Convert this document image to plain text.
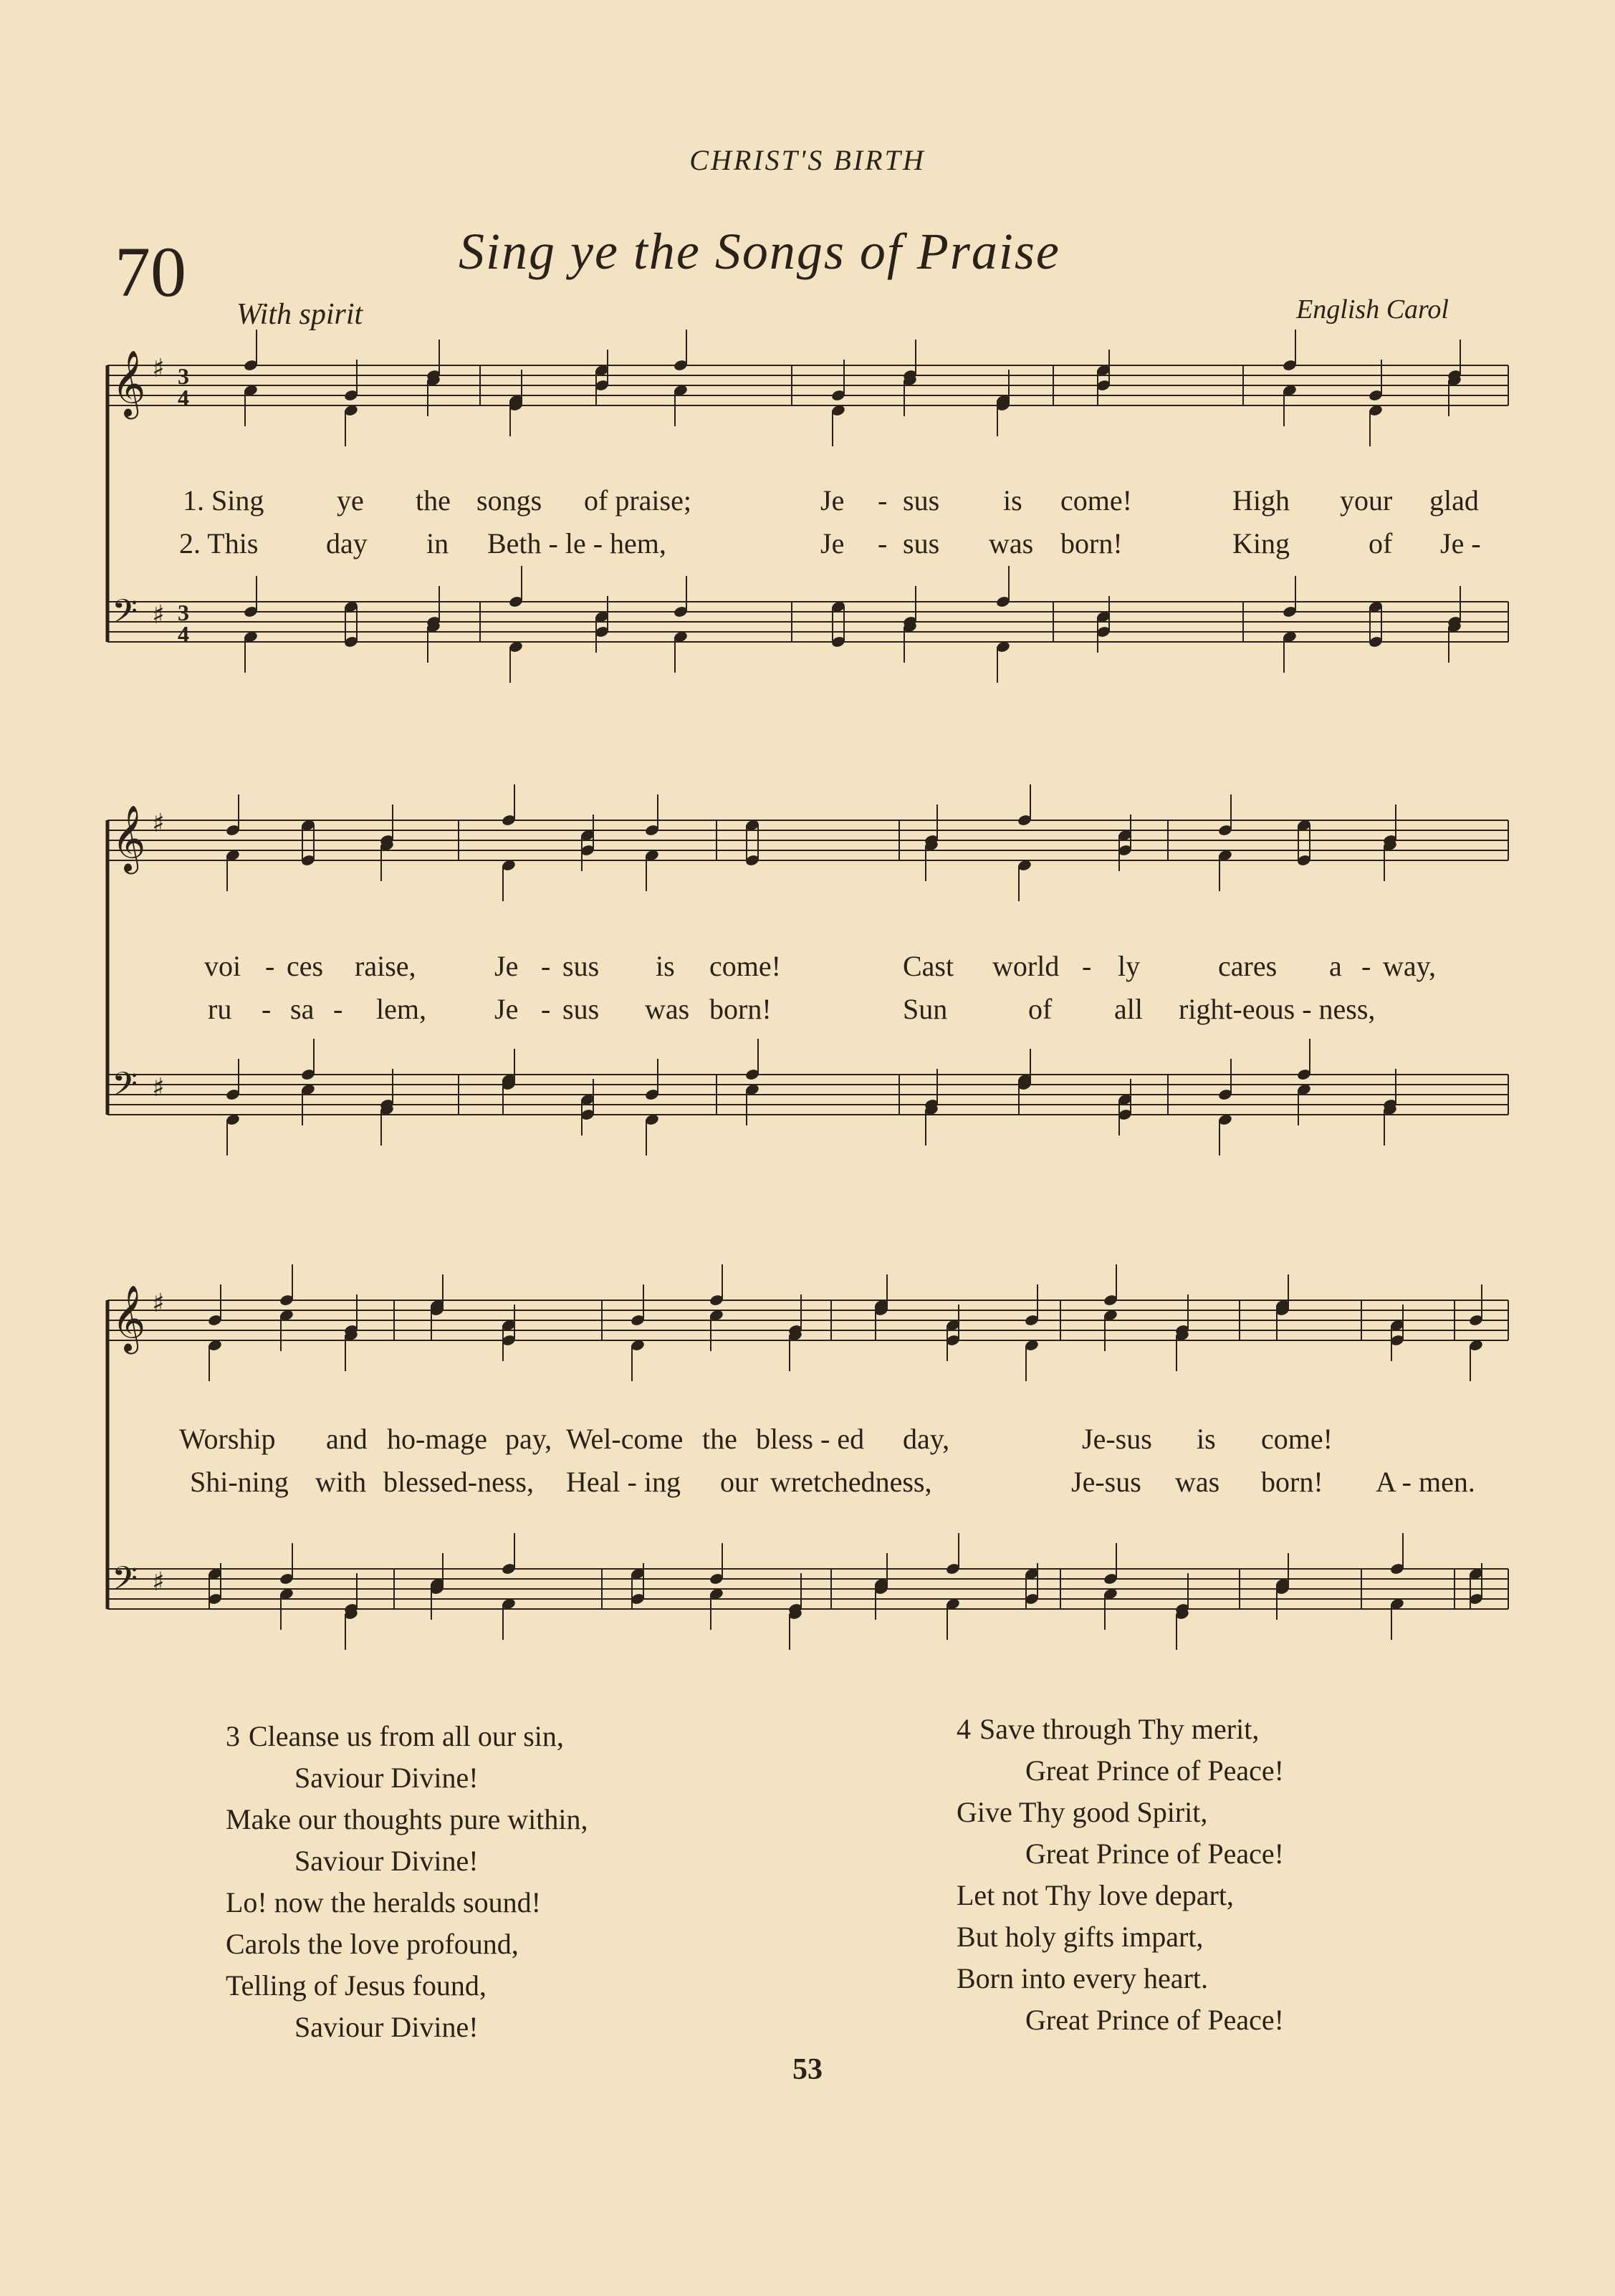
CHRIST'S BIRTH
70	Sing ye the Songs of Praise
With spirit	English Carol
𝄞 ♯ 3
4
𝄢 ♯ 3
4
1. Sing	ye the songs of praise;	Je - sus is come!	High your glad
2. This day in Beth - le - hem,	Je - sus was born!	King	of Je -
𝄞 ♯
𝄢 ♯
voi - ces raise,	Je - sus is come!	Cast world - ly	cares a - way,
ru - sa - lem, Je - sus was born!	Sun	of all right-eous - ness,
𝄞 ♯
𝄢 ♯
Worship and ho-mage pay, Wel-come the bless - ed day,	Je-sus is come!
Shi-ning with blessed-ness, Heal - ing our wretchedness,	Je-sus was born! A - men.
3 Cleanse us from all our sin,
Saviour Divine!
Make our thoughts pure within,
Saviour Divine!
Lo! now the heralds sound!
Carols the love profound,
Telling of Jesus found,
Saviour Divine!
4 Save through Thy merit,
Great Prince of Peace!
Give Thy good Spirit,
Great Prince of Peace!
Let not Thy love depart,
But holy gifts impart,
Born into every heart.
Great Prince of Peace!
53
